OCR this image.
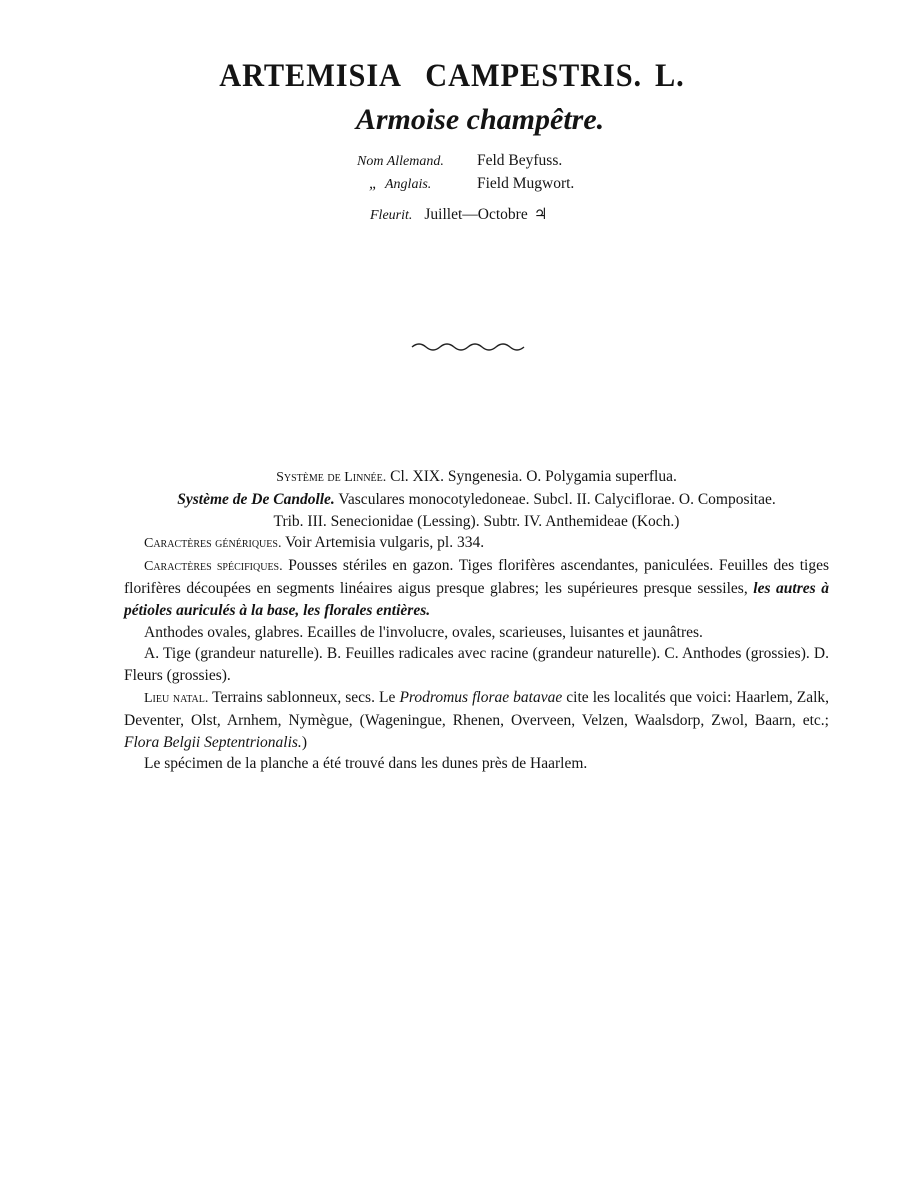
ARTEMISIA CAMPESTRIS. L.
Armoise champêtre.
Nom Allemand. Feld Beyfuss.
„ Anglais.	Field Mugwort.
Fleurit. Juillet—Octobre ♃

Système de Linnée. Cl. XIX. Syngenesia. O. Polygamia superflua.

Système de De Candolle. Vasculares monocotyledoneae. Subcl. II. Calyciflorae. O. Compositae.

Trib. III. Senecionidae (Lessing). Subtr. IV. Anthemideae (Koch.)

Caractères génériques. Voir Artemisia vulgaris, pl. 334.

Caractères spécifiques. Pousses stériles en gazon. Tiges florifères ascendantes, paniculées. Feuilles des tiges florifères découpées en segments linéaires aigus presque glabres; les supérieures presque sessiles, les autres à pétioles auriculés à la base, les florales entières.

Anthodes ovales, glabres. Ecailles de l'involucre, ovales, scarieuses, luisantes et jaunâtres.

A. Tige (grandeur naturelle). B. Feuilles radicales avec racine (grandeur naturelle). C. Anthodes (grossies). D. Fleurs (grossies).

Lieu natal. Terrains sablonneux, secs. Le Prodromus florae batavae cite les localités que voici: Haarlem, Zalk, Deventer, Olst, Arnhem, Nymègue, (Wageningue, Rhenen, Overveen, Velzen, Waalsdorp, Zwol, Baarn, etc.; Flora Belgii Septentrionalis.)

Le spécimen de la planche a été trouvé dans les dunes près de Haarlem.
